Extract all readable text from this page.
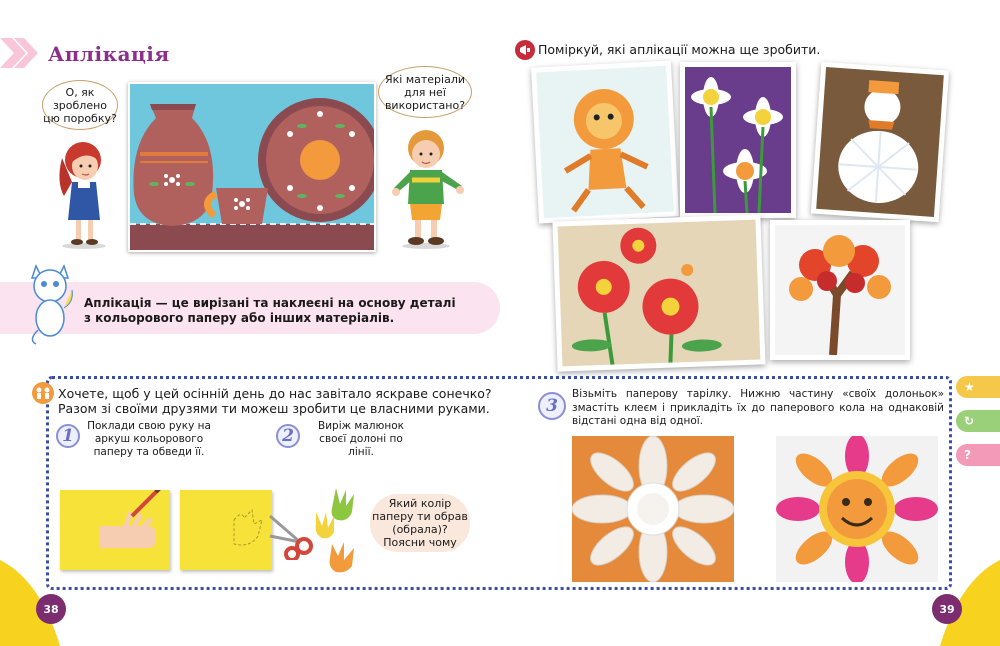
Аплікація
О, як зроблено цю поробку?
Які матеріали для неї використано?
Аплікація — це вирізані та наклеєні на основу деталі
з кольорового паперу або інших матеріалів.
Поміркуй, які аплікації можна ще зробити.
Хочете, щоб у цей осінній день до нас завітало яскраве сонечко?
Разом зі своїми друзями ти можеш зробити це власними руками.
1	Поклади свою руку на аркуш кольорового паперу та обведи її.
2	Виріж малюнок своєї долоні по лінії.
Який колір паперу ти обрав (обрала)? Поясни чому
3
Візьміть паперову тарілку. Нижню частину «своїх долоньок» змастіть клеєм і прикладіть їх до паперового кола на однаковій відстані одна від одної.
38	39
★
↻
?
